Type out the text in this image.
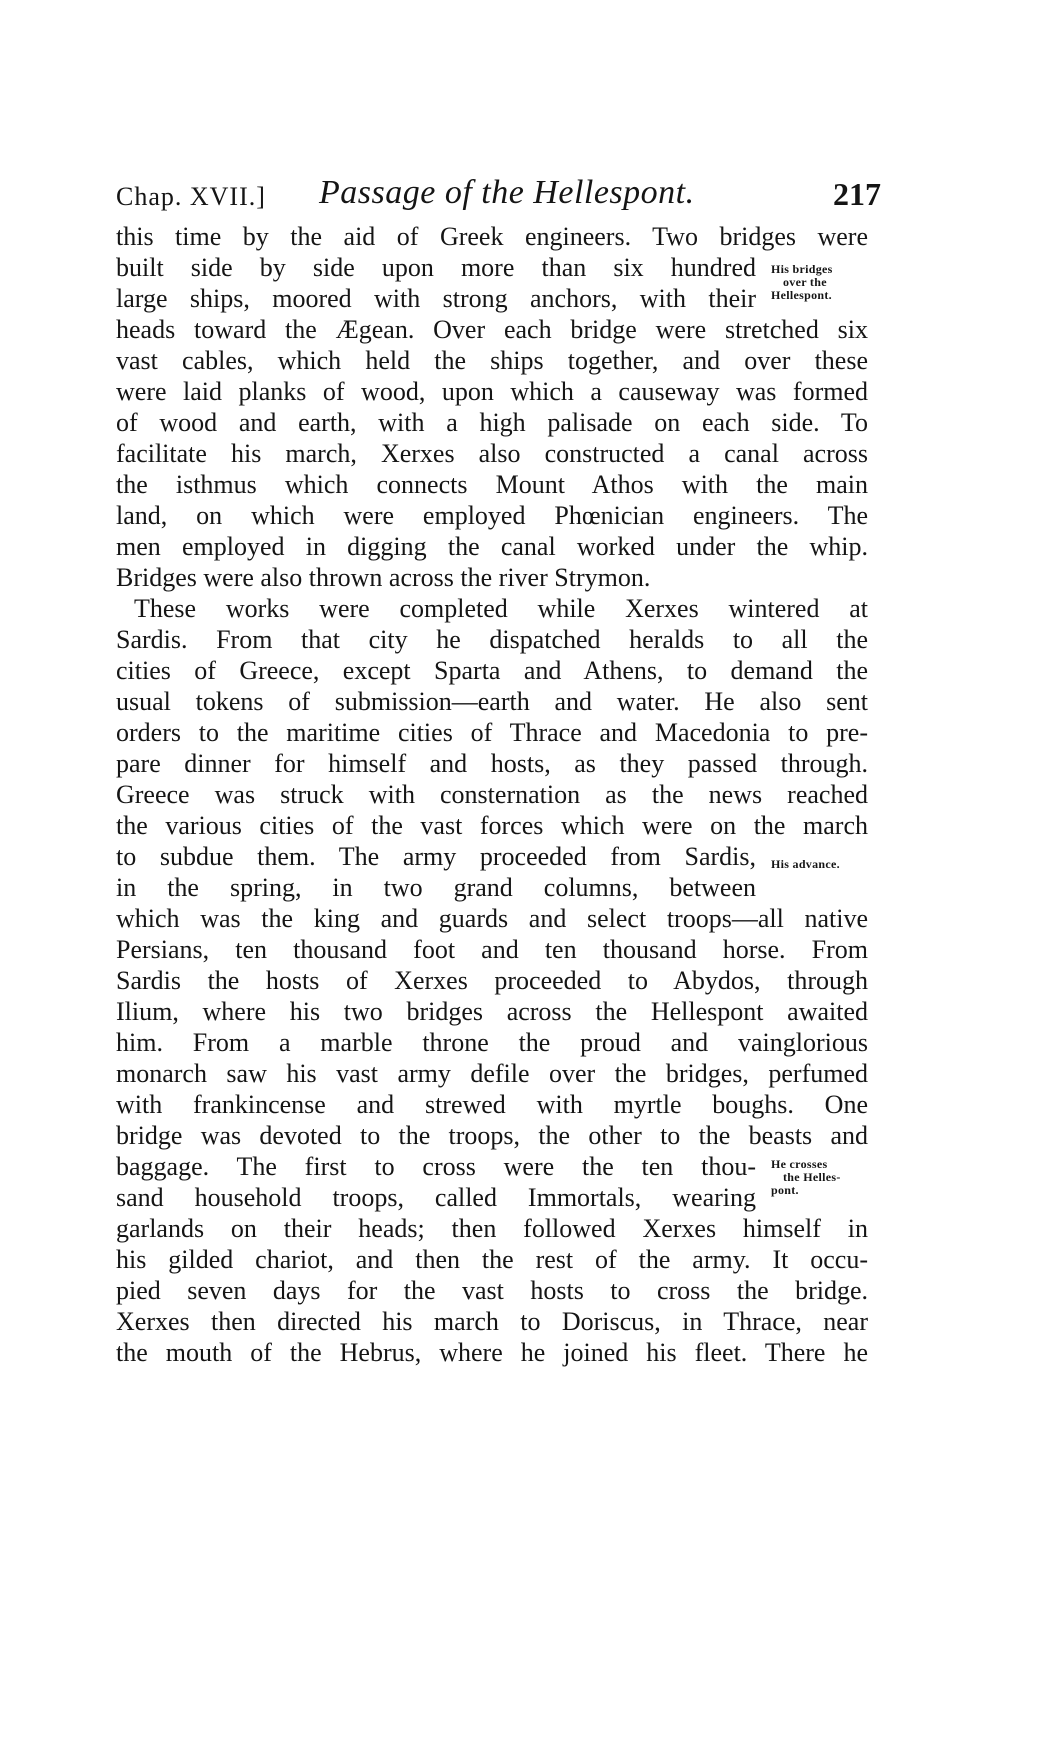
Chap. XVII.] Passage of the Hellespont.	217
this time by the aid of Greek engineers. Two bridges were
built side by side upon more than six hundred
large ships, moored with strong anchors, with their
heads toward the Ægean. Over each bridge were stretched six
vast cables, which held the ships together, and over these
were laid planks of wood, upon which a causeway was formed
of wood and earth, with a high palisade on each side. To
facilitate his march, Xerxes also constructed a canal across
the isthmus which connects Mount Athos with the main
land, on which were employed Phœnician engineers. The
men employed in digging the canal worked under the whip.
Bridges were also thrown across the river Strymon.
These works were completed while Xerxes wintered at
Sardis. From that city he dispatched heralds to all the
cities of Greece, except Sparta and Athens, to demand the
usual tokens of submission—earth and water. He also sent
orders to the maritime cities of Thrace and Macedonia to pre-
pare dinner for himself and hosts, as they passed through.
Greece was struck with consternation as the news reached
the various cities of the vast forces which were on the march
to subdue them. The army proceeded from Sardis,
in the spring, in two grand columns, between
which was the king and guards and select troops—all native
Persians, ten thousand foot and ten thousand horse. From
Sardis the hosts of Xerxes proceeded to Abydos, through
Ilium, where his two bridges across the Hellespont awaited
him. From a marble throne the proud and vainglorious
monarch saw his vast army defile over the bridges, perfumed
with frankincense and strewed with myrtle boughs. One
bridge was devoted to the troops, the other to the beasts and
baggage. The first to cross were the ten thou-
sand household troops, called Immortals, wearing
garlands on their heads; then followed Xerxes himself in
his gilded chariot, and then the rest of the army. It occu-
pied seven days for the vast hosts to cross the bridge.
Xerxes then directed his march to Doriscus, in Thrace, near
the mouth of the Hebrus, where he joined his fleet. There he
His bridges
over the
Hellespont.
His advance.
He crosses
the Helles-
pont.
